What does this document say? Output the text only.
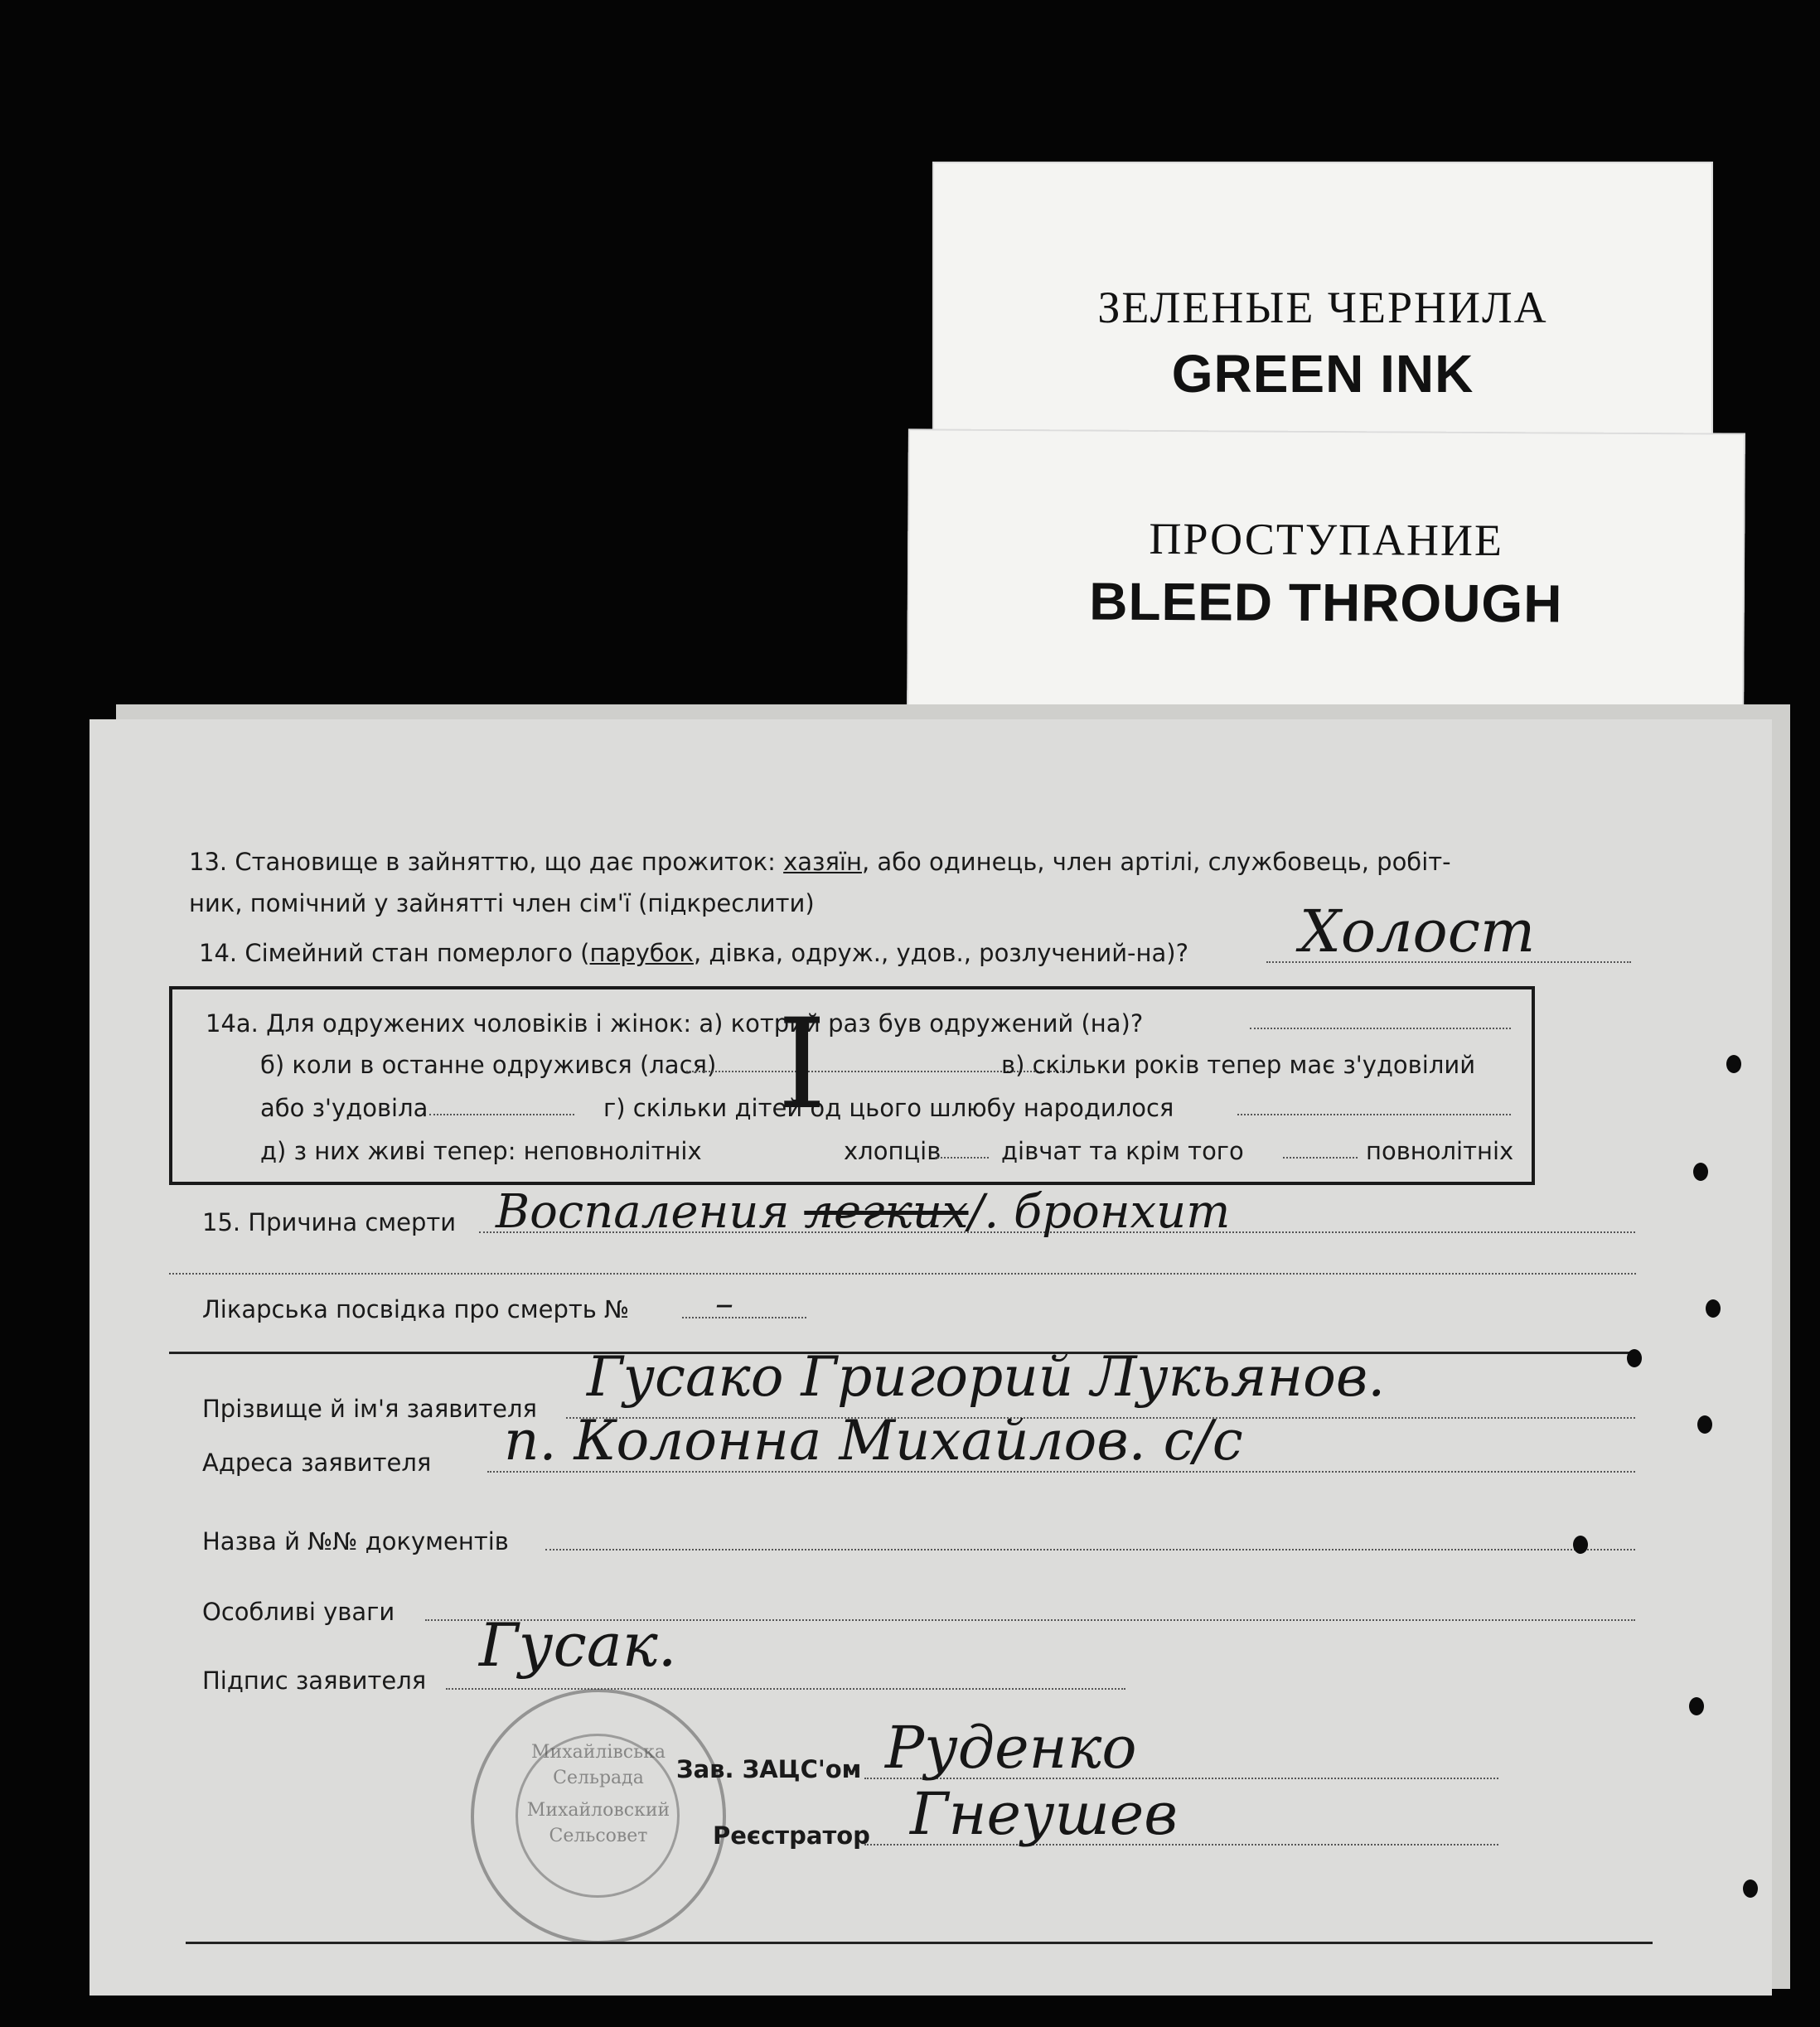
ЗЕЛЕНЫЕ ЧЕРНИЛА
GREEN INK
ПРОСТУПАНИЕ
BLEED THROUGH
13. Становище в зайняттю, що дає прожиток: хазяїн, або одинець, член артілі, службовець, робіт-
ник, помічний у зайнятті член сім'ї (підкреслити)
14. Сімейний стан померлого (парубок, дівка, одруж., удов., розлучений-на)? Холост
14а. Для одружених чоловіків і жінок: а) котрий раз був одружений (на)?
б) коли в останне одружився (лася)	в) скільки років тепер має з'удовілий
або з'удовіла	г) скільки дітей од цього шлюбу народилося
д) з них живі тепер: неповнолітніх	хлопців	дівчат та крім того	повнолітніх
I
15. Причина смерти Воспаления легких/. бронхит
Лікарська посвідка про смерть № –
Прізвище й ім'я заявителя Гусако Григорий Лукьянов.
Адреса заявителя п. Колонна Михайлов. с/с
Назва й №№ документів
Особливі уваги
Підпис заявителя
Гусак.
Михайлівська
Сельрада
Михайловский
Сельсовет
Зав. ЗАЦС'ом Руденко
Реєстратор Гнеушев
